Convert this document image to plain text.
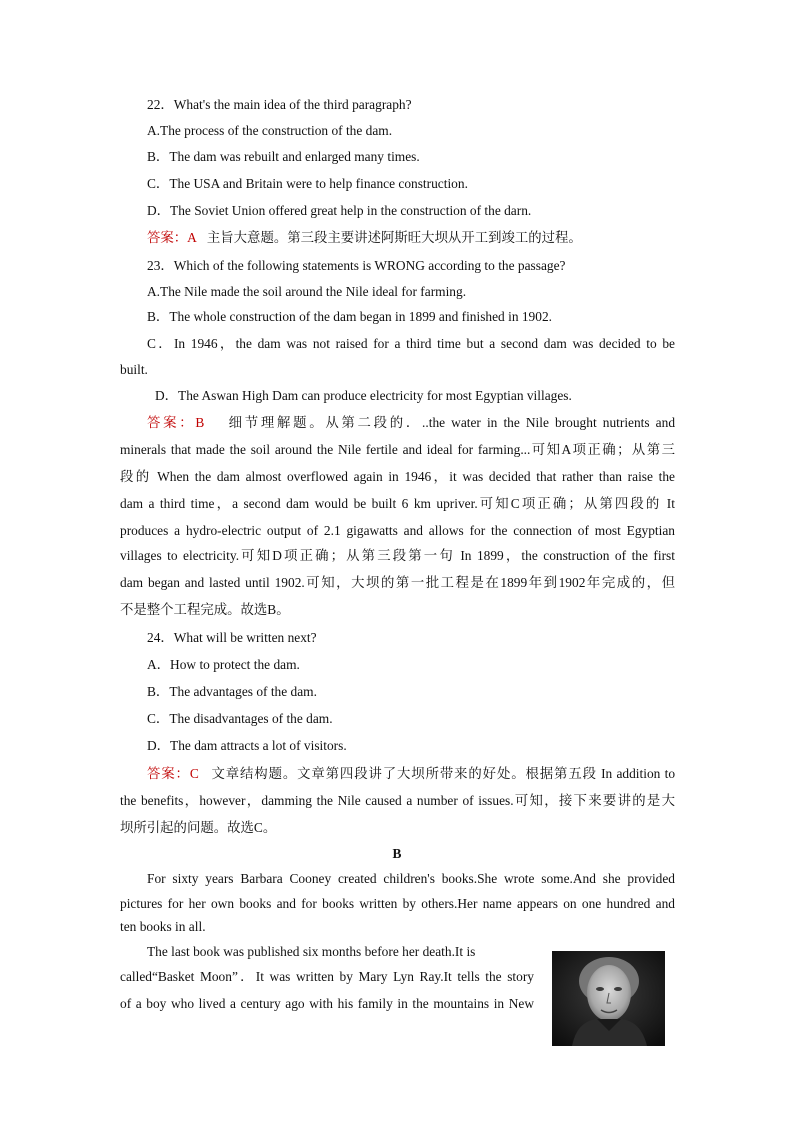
22．What's the main idea of the third paragraph?
A.The process of the construction of the dam.
B．The dam was rebuilt and enlarged many times.
C．The USA and Britain were to help finance construction.
D．The Soviet Union offered great help in the construction of the darn.
答案：A 主旨大意题。第三段主要讲述阿斯旺大坝从开工到竣工的过程。
23．Which of the following statements is WRONG according to the passage?
A.The Nile made the soil around the Nile ideal for farming.
B．The whole construction of the dam began in 1899 and finished in 1902.
C．In 1946，the dam was not raised for a third time but a second dam was decided to be
built.
D．The Aswan High Dam can produce electricity for most Egyptian villages.
答案：B 细节理解题。从第二段的．..the water in the Nile brought nutrients and
minerals that made the soil around the Nile fertile and ideal for farming...可知A项正确；从第三
段的 When the dam almost overflowed again in 1946，it was decided that rather than raise the
dam a third time，a second dam would be built 6 km upriver.可知C项正确；从第四段的 It
produces a hydro-electric output of 2.1 gigawatts and allows for the connection of most Egyptian
villages to electricity.可知D项正确；从第三段第一句 In 1899，the construction of the first
dam began and lasted until 1902.可知，大坝的第一批工程是在1899年到1902年完成的，但
不是整个工程完成。故选B。
24．What will be written next?
A．How to protect the dam.
B．The advantages of the dam.
C．The disadvantages of the dam.
D．The dam attracts a lot of visitors.
答案：C 文章结构题。文章第四段讲了大坝所带来的好处。根据第五段 In addition to
the benefits，however，damming the Nile caused a number of issues.可知，接下来要讲的是大
坝所引起的问题。故选C。
B
For sixty years Barbara Cooney created children's books.She wrote some.And she provided
pictures for her own books and for books written by others.Her name appears on one hundred and
ten books in all.
The last book was published six months before her death.It is
called“Basket Moon”．It was written by Mary Lyn Ray.It tells the story
of a boy who lived a century ago with his family in the mountains in New
